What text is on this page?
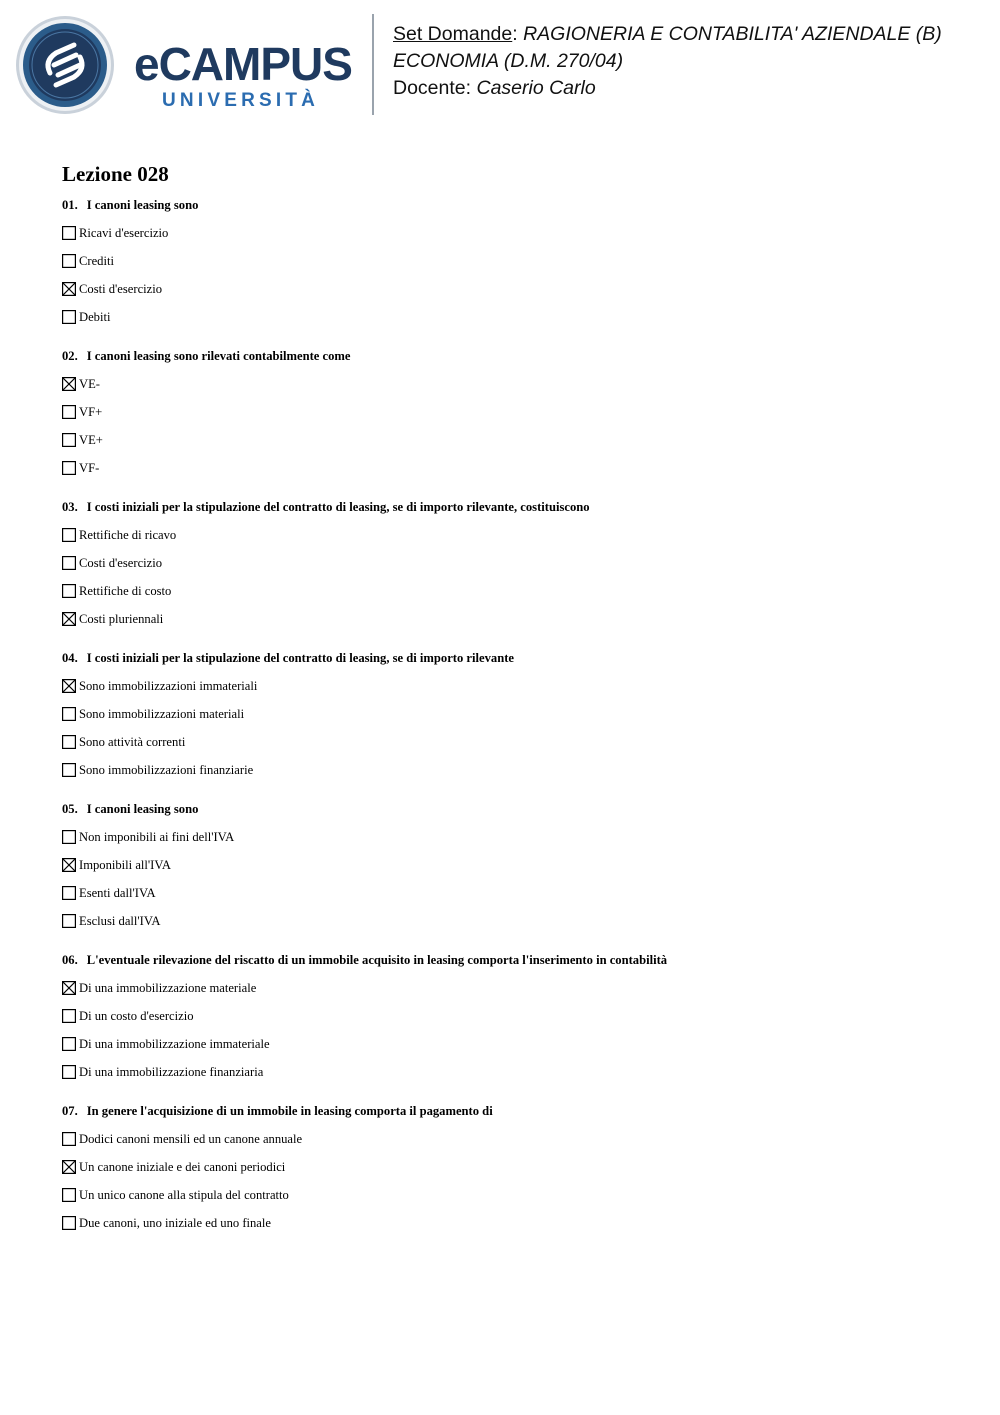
eCAMPUS
UNIVERSITÀ
Set Domande: RAGIONERIA E CONTABILITA' AZIENDALE (B)
ECONOMIA (D.M. 270/04)
Docente: Caserio Carlo
Lezione 028
01. I canoni leasing sono
Ricavi d'esercizio
Crediti
Costi d'esercizio
Debiti
02. I canoni leasing sono rilevati contabilmente come
VE-
VF+
VE+
VF-
03. I costi iniziali per la stipulazione del contratto di leasing, se di importo rilevante, costituiscono
Rettifiche di ricavo
Costi d'esercizio
Rettifiche di costo
Costi pluriennali
04. I costi iniziali per la stipulazione del contratto di leasing, se di importo rilevante
Sono immobilizzazioni immateriali
Sono immobilizzazioni materiali
Sono attività correnti
Sono immobilizzazioni finanziarie
05. I canoni leasing sono
Non imponibili ai fini dell'IVA
Imponibili all'IVA
Esenti dall'IVA
Esclusi dall'IVA
06. L'eventuale rilevazione del riscatto di un immobile acquisito in leasing comporta l'inserimento in contabilità
Di una immobilizzazione materiale
Di un costo d'esercizio
Di una immobilizzazione immateriale
Di una immobilizzazione finanziaria
07. In genere l'acquisizione di un immobile in leasing comporta il pagamento di
Dodici canoni mensili ed un canone annuale
Un canone iniziale e dei canoni periodici
Un unico canone alla stipula del contratto
Due canoni, uno iniziale ed uno finale
